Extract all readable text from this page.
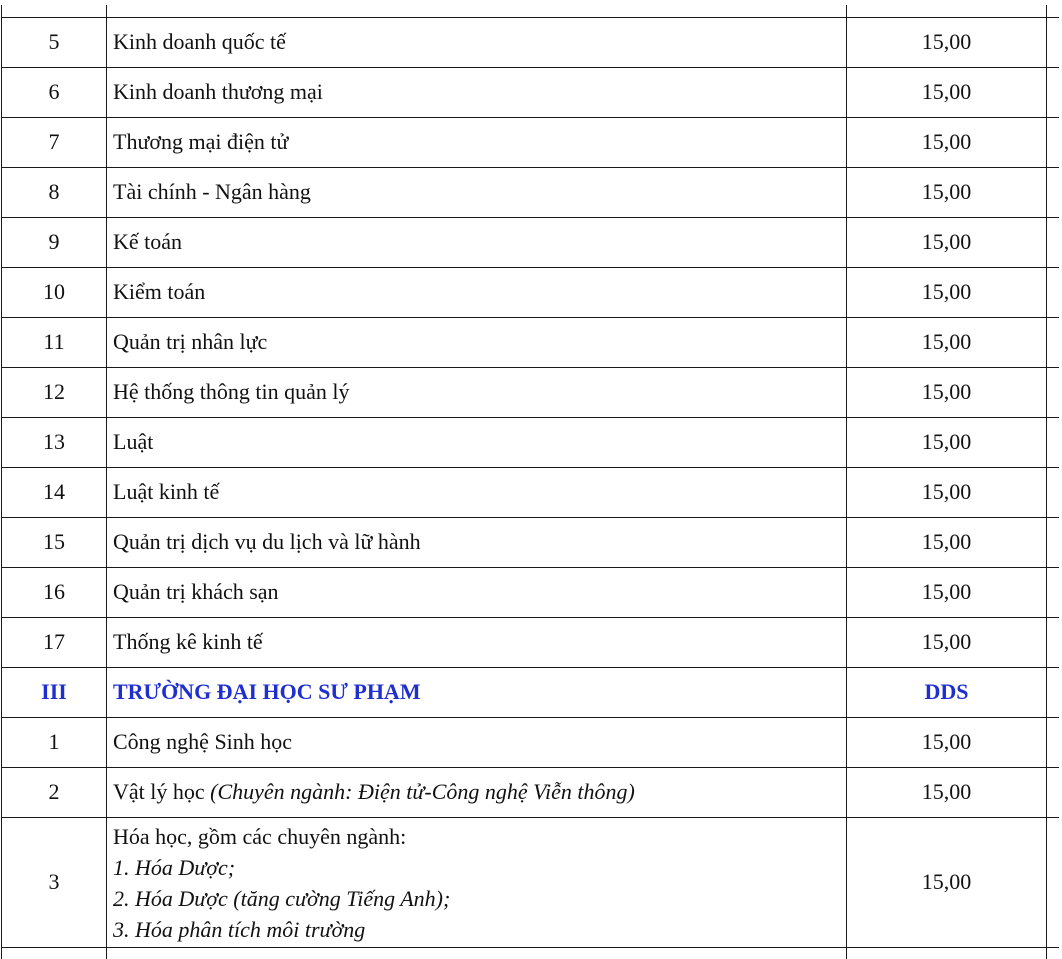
5	Kinh doanh quốc tế	15,00	
6	Kinh doanh thương mại	15,00	
7	Thương mại điện tử	15,00	
8	Tài chính - Ngân hàng	15,00	
9	Kế toán	15,00	
10	Kiểm toán	15,00	
11	Quản trị nhân lực	15,00	
12	Hệ thống thông tin quản lý	15,00	
13	Luật	15,00	
14	Luật kinh tế	15,00	
15	Quản trị dịch vụ du lịch và lữ hành	15,00	
16	Quản trị khách sạn	15,00	
17	Thống kê kinh tế	15,00	
III	TRƯỜNG ĐẠI HỌC SƯ PHẠM	DDS	
1	Công nghệ Sinh học	15,00	
2	Vật lý học (Chuyên ngành: Điện tử-Công nghệ Viễn thông)	15,00	
3	Hóa học, gồm các chuyên ngành:
1. Hóa Dược;
2. Hóa Dược (tăng cường Tiếng Anh);
3. Hóa phân tích môi trường	15,00	
